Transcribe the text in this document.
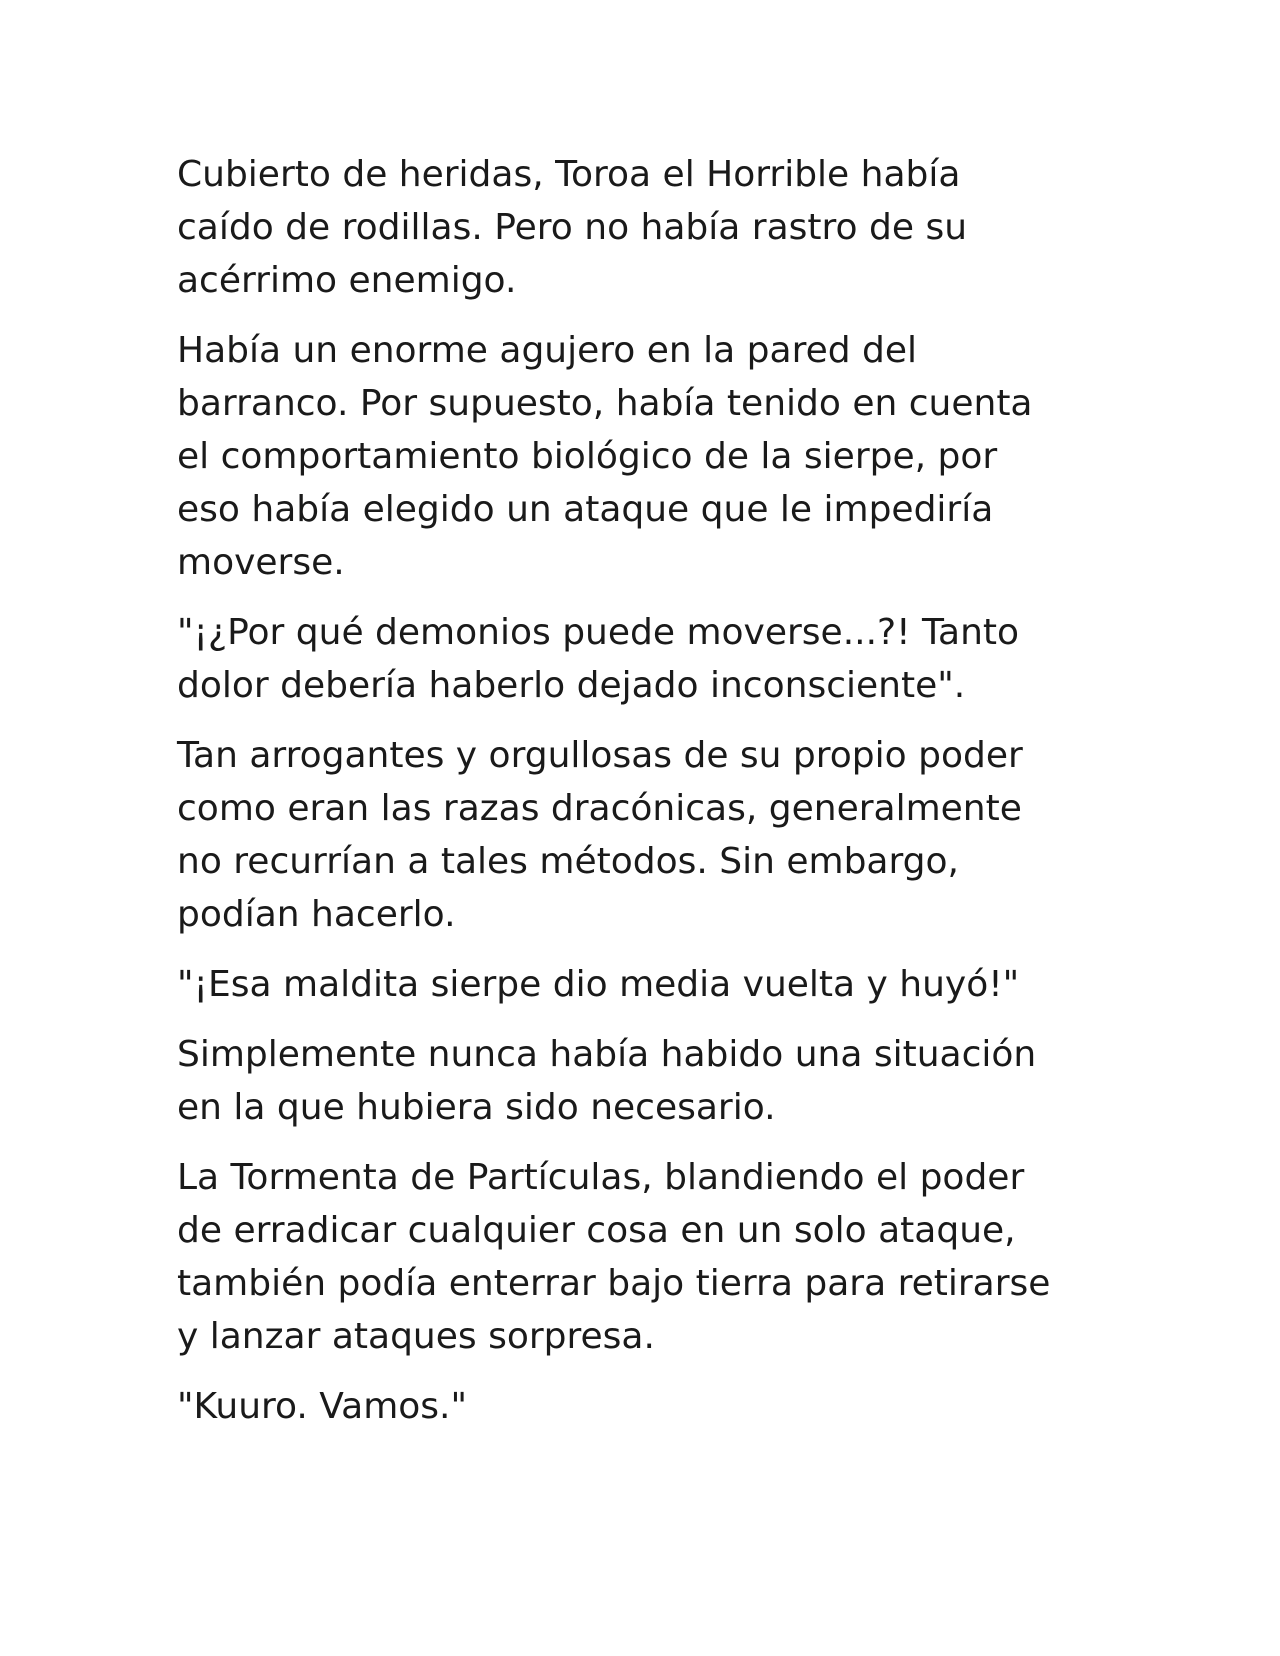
Cubierto de heridas, Toroa el Horrible había
caído de rodillas. Pero no había rastro de su
acérrimo enemigo.

Había un enorme agujero en la pared del
barranco. Por supuesto, había tenido en cuenta
el comportamiento biológico de la sierpe, por
eso había elegido un ataque que le impediría
moverse.

"¡¿Por qué demonios puede moverse...?! Tanto
dolor debería haberlo dejado inconsciente".

Tan arrogantes y orgullosas de su propio poder
como eran las razas dracónicas, generalmente
no recurrían a tales métodos. Sin embargo,
podían hacerlo.

"¡Esa maldita sierpe dio media vuelta y huyó!"

Simplemente nunca había habido una situación
en la que hubiera sido necesario.

La Tormenta de Partículas, blandiendo el poder
de erradicar cualquier cosa en un solo ataque,
también podía enterrar bajo tierra para retirarse
y lanzar ataques sorpresa.

"Kuuro. Vamos."
